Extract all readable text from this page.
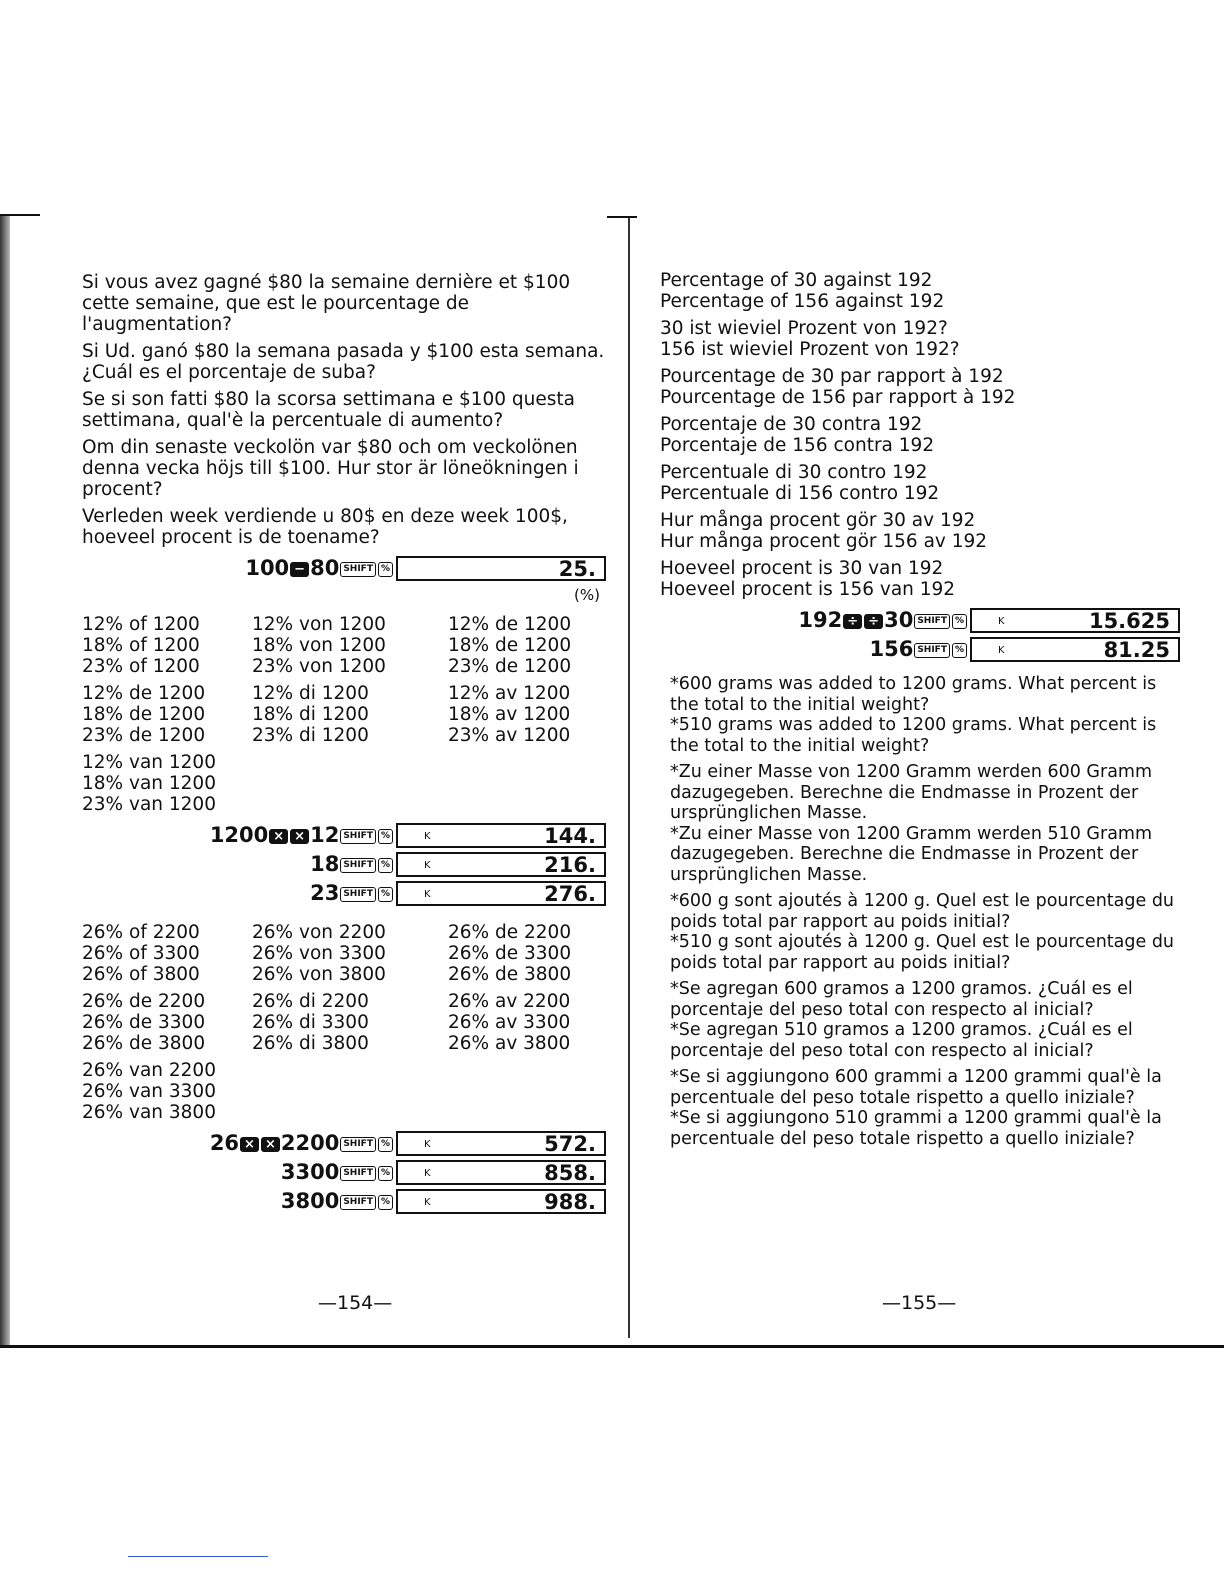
Si vous avez gagné $80 la semaine dernière et $100 cette semaine, que est le pourcentage de l'augmentation?

Si Ud. ganó $80 la semana pasada y $100 esta semana. ¿Cuál es el porcentaje de suba?

Se si son fatti $80 la scorsa settimana e $100 questa settimana, qual'è la percentuale di aumento?

Om din senaste veckolön var $80 och om veckolönen denna vecka höjs till $100. Hur stor är löneökningen i procent?

Verleden week verdiende u 80$ en deze week 100$, hoeveel procent is de toename?

100 − 80 SHIFT %	25.
(%)
12% of 1200	12% von 1200	12% de 1200
18% of 1200	18% von 1200	18% de 1200
23% of 1200	23% von 1200	23% de 1200
12% de 1200	12% di 1200	12% av 1200
18% de 1200	18% di 1200	18% av 1200
23% de 1200	23% di 1200	23% av 1200
12% van 1200
18% van 1200
23% van 1200
1200 × × 12 SHIFT %	K	144.
18 SHIFT %	K	216.
23 SHIFT %	K	276.
26% of 2200	26% von 2200	26% de 2200
26% of 3300	26% von 3300	26% de 3300
26% of 3800	26% von 3800	26% de 3800
26% de 2200	26% di 2200	26% av 2200
26% de 3300	26% di 3300	26% av 3300
26% de 3800	26% di 3800	26% av 3800
26% van 2200
26% van 3300
26% van 3800
26 × × 2200 SHIFT %	K	572.
3300 SHIFT %	K	858.
3800 SHIFT %	K	988.
—154—

Percentage of 30 against 192
Percentage of 156 against 192

30 ist wieviel Prozent von 192?
156 ist wieviel Prozent von 192?

Pourcentage de 30 par rapport à 192
Pourcentage de 156 par rapport à 192

Porcentaje de 30 contra 192
Porcentaje de 156 contra 192

Percentuale di 30 contro 192
Percentuale di 156 contro 192

Hur många procent gör 30 av 192
Hur många procent gör 156 av 192

Hoeveel procent is 30 van 192
Hoeveel procent is 156 van 192

192 ÷ ÷ 30 SHIFT %	K	15.625
156 SHIFT %	K	81.25
*600 grams was added to 1200 grams. What percent is the total to the initial weight?
*510 grams was added to 1200 grams. What percent is the total to the initial weight?
*Zu einer Masse von 1200 Gramm werden 600 Gramm dazugegeben. Berechne die Endmasse in Prozent der ursprünglichen Masse.
*Zu einer Masse von 1200 Gramm werden 510 Gramm dazugegeben. Berechne die Endmasse in Prozent der ursprünglichen Masse.
*600 g sont ajoutés à 1200 g. Quel est le pourcentage du poids total par rapport au poids initial?
*510 g sont ajoutés à 1200 g. Quel est le pourcentage du poids total par rapport au poids initial?
*Se agregan 600 gramos a 1200 gramos. ¿Cuál es el porcentaje del peso total con respecto al inicial?
*Se agregan 510 gramos a 1200 gramos. ¿Cuál es el porcentaje del peso total con respecto al inicial?
*Se si aggiungono 600 grammi a 1200 grammi qual'è la percentuale del peso totale rispetto a quello iniziale?
*Se si aggiungono 510 grammi a 1200 grammi qual'è la percentuale del peso totale rispetto a quello iniziale?
—155—
